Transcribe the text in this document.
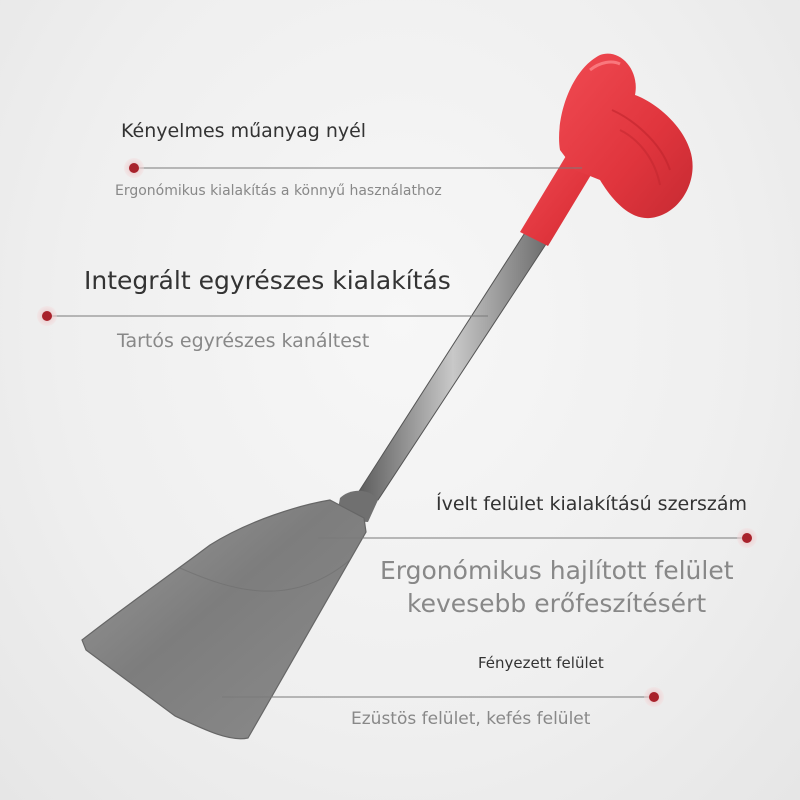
Kényelmes műanyag nyél
Ergonómikus kialakítás a könnyű használathoz
Integrált egyrészes kialakítás
Tartós egyrészes kanáltest
Ívelt felület kialakítású szerszám
Ergonómikus hajlított felület
kevesebb erőfeszítésért
Fényezett felület
Ezüstös felület, kefés felület
